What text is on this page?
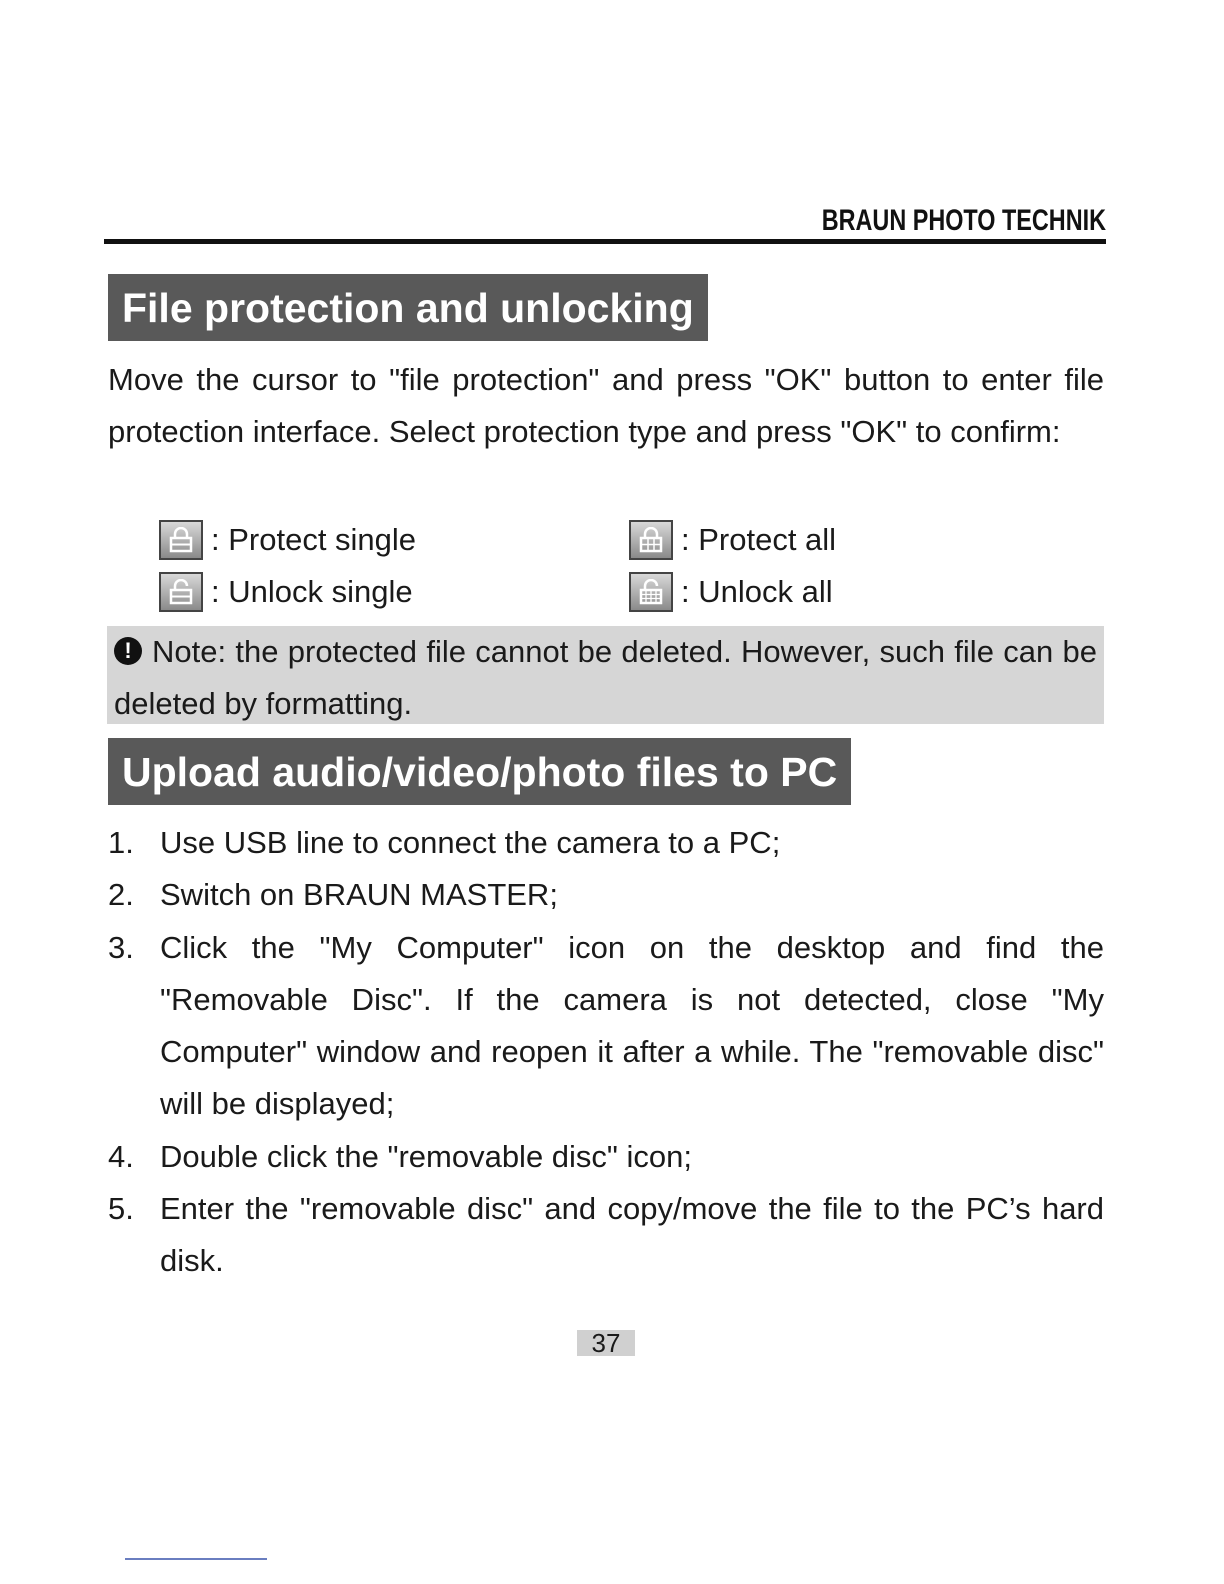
BRAUN PHOTO TECHNIK
File protection and unlocking
Move the cursor to "file protection" and press "OK" button to enter file protection interface. Select protection type and press "OK" to confirm:
: Protect single	: Protect all
: Unlock single	: Unlock all
! Note: the protected file cannot be deleted. However, such file can be deleted by formatting.
Upload audio/video/photo files to PC
1. Use USB line to connect the camera to a PC;
2. Switch on BRAUN MASTER;
3. Click the "My Computer" icon on the desktop and find the "Removable Disc". If the camera is not detected, close "My Computer" window and reopen it after a while. The "removable disc" will be displayed;
4. Double click the "removable disc" icon;
5. Enter the "removable disc" and copy/move the file to the PC’s hard disk.
37
